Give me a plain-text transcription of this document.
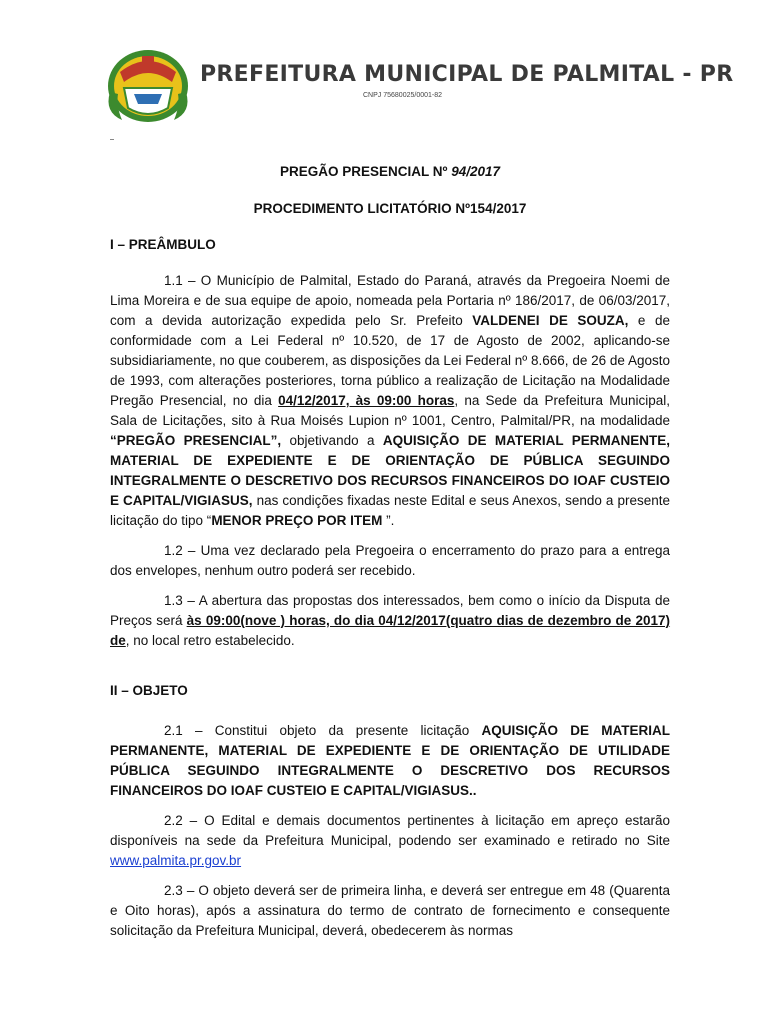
PREFEITURA MUNICIPAL DE PALMITAL - PR
CNPJ 75680025/0001-82
PREGÃO PRESENCIAL Nº 94/2017
PROCEDIMENTO LICITATÓRIO Nº154/2017
I – PREÂMBULO

1.1 – O Município de Palmital, Estado do Paraná, através da Pregoeira Noemi de Lima Moreira e de sua equipe de apoio, nomeada pela Portaria nº 186/2017, de 06/03/2017, com a devida autorização expedida pelo Sr. Prefeito VALDENEI DE SOUZA, e de conformidade com a Lei Federal nº 10.520, de 17 de Agosto de 2002, aplicando-se subsidiariamente, no que couberem, as disposições da Lei Federal nº 8.666, de 26 de Agosto de 1993, com alterações posteriores, torna público a realização de Licitação na Modalidade Pregão Presencial, no dia 04/12/2017, às 09:00 horas, na Sede da Prefeitura Municipal, Sala de Licitações, sito à Rua Moisés Lupion nº 1001, Centro, Palmital/PR, na modalidade “PREGÃO PRESENCIAL”, objetivando a AQUISIÇÃO DE MATERIAL PERMANENTE, MATERIAL DE EXPEDIENTE E DE ORIENTAÇÃO DE PÚBLICA SEGUINDO INTEGRALMENTE O DESCRETIVO DOS RECURSOS FINANCEIROS DO IOAF CUSTEIO E CAPITAL/VIGIASUS, nas condições fixadas neste Edital e seus Anexos, sendo a presente licitação do tipo “MENOR PREÇO POR ITEM ”.

1.2 – Uma vez declarado pela Pregoeira o encerramento do prazo para a entrega dos envelopes, nenhum outro poderá ser recebido.

1.3 – A abertura das propostas dos interessados, bem como o início da Disputa de Preços será às 09:00(nove ) horas, do dia 04/12/2017(quatro dias de dezembro de 2017) de, no local retro estabelecido.

II – OBJETO

2.1 – Constitui objeto da presente licitação AQUISIÇÃO DE MATERIAL PERMANENTE, MATERIAL DE EXPEDIENTE E DE ORIENTAÇÃO DE UTILIDADE PÚBLICA SEGUINDO INTEGRALMENTE O DESCRETIVO DOS RECURSOS FINANCEIROS DO IOAF CUSTEIO E CAPITAL/VIGIASUS..

2.2 – O Edital e demais documentos pertinentes à licitação em apreço estarão disponíveis na sede da Prefeitura Municipal, podendo ser examinado e retirado no Site www.palmita.pr.gov.br

2.3 – O objeto deverá ser de primeira linha, e deverá ser entregue em 48 (Quarenta e Oito horas), após a assinatura do termo de contrato de fornecimento e consequente solicitação da Prefeitura Municipal, deverá, obedecerem às normas
